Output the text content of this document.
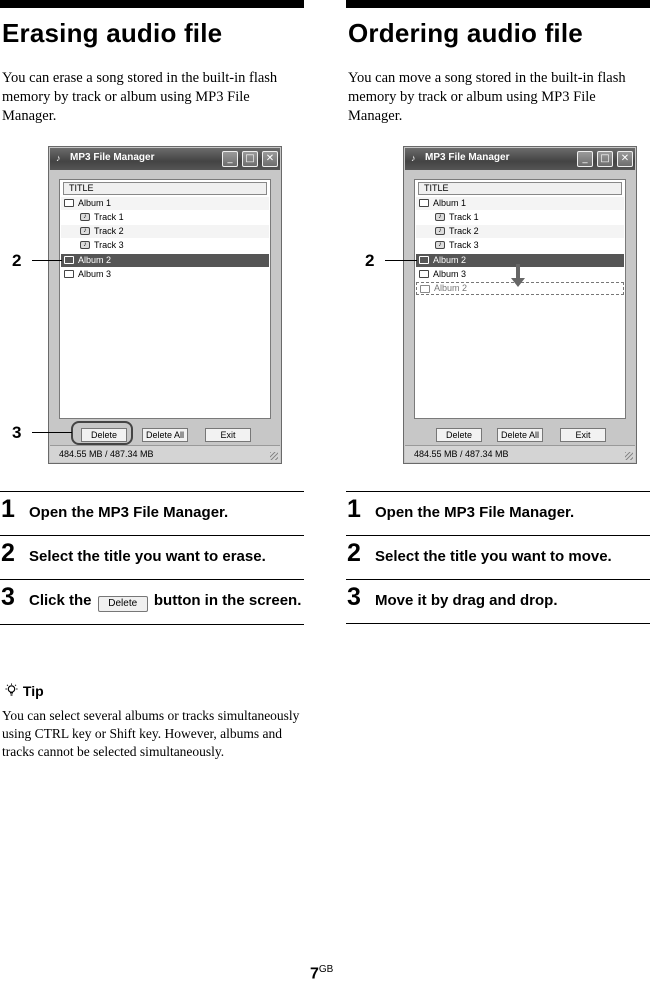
Erasing audio file
You can erase a song stored in the built-in flash memory by track or album using MP3 File Manager.
♪ MP3 File Manager	_	□	✕
TITLE
Album 1
♪ Track 1
♪ Track 2
♪ Track 3
Album 2
Album 3
Delete	Delete All	Exit
484.55 MB / 487.34 MB
2
3
1 Open the MP3 File Manager.
2 Select the title you want to erase.
3 Click the Delete button in the screen.
Tip
You can select several albums or tracks simultaneously using CTRL key or Shift key. However, albums and tracks cannot be selected simultaneously.
Ordering audio file
You can move a song stored in the built-in flash memory by track or album using MP3 File Manager.
♪ MP3 File Manager	_	□	✕
TITLE
Album 1
♪ Track 1
♪ Track 2
♪ Track 3
Album 2
Album 3
Album 2
Delete	Delete All	Exit
484.55 MB / 487.34 MB
2
1 Open the MP3 File Manager.
2 Select the title you want to move.
3 Move it by drag and drop.
$7^{GB}$
